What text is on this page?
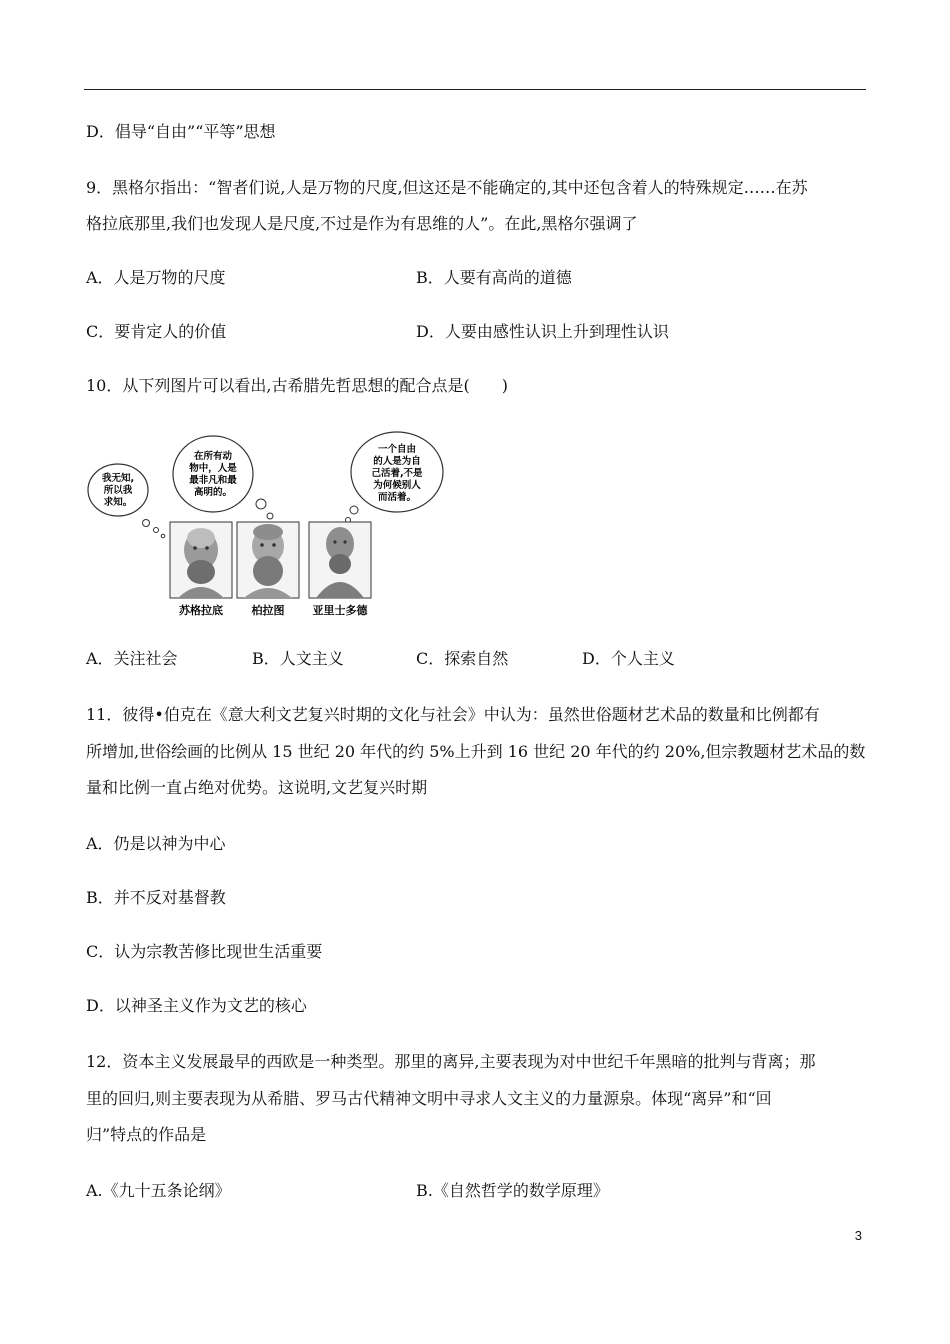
D．倡导“自由”“平等”思想
9．黑格尔指出：“智者们说,人是万物的尺度,但这还是不能确定的,其中还包含着人的特殊规定……在苏
格拉底那里,我们也发现人是尺度,不过是作为有思维的人”。在此,黑格尔强调了
A．人是万物的尺度	B．人要有高尚的道德
C．要肯定人的价值	D．人要由感性认识上升到理性认识
10．从下列图片可以看出,古希腊先哲思想的配合点是(　　)
我无知,
所以我
求知。
在所有动
物中，人是
最非凡和最
高明的。
一个自由
的人是为自
己活着,不是
为何候别人
而活着。
苏格拉底	柏拉图	亚里士多德
A．关注社会	B．人文主义	C．探索自然	D．个人主义
11．彼得•伯克在《意大利文艺复兴时期的文化与社会》中认为：虽然世俗题材艺术品的数量和比例都有
所增加,世俗绘画的比例从 15 世纪 20 年代的约 5%上升到 16 世纪 20 年代的约 20%,但宗教题材艺术品的数
量和比例一直占绝对优势。这说明,文艺复兴时期
A．仍是以神为中心
B．并不反对基督教
C．认为宗教苦修比现世生活重要
D．以神圣主义作为文艺的核心
12．资本主义发展最早的西欧是一种类型。那里的离异,主要表现为对中世纪千年黑暗的批判与背离；那
里的回归,则主要表现为从希腊、罗马古代精神文明中寻求人文主义的力量源泉。体现“离异”和“回
归”特点的作品是
A.《九十五条论纲》	B.《自然哲学的数学原理》
3
